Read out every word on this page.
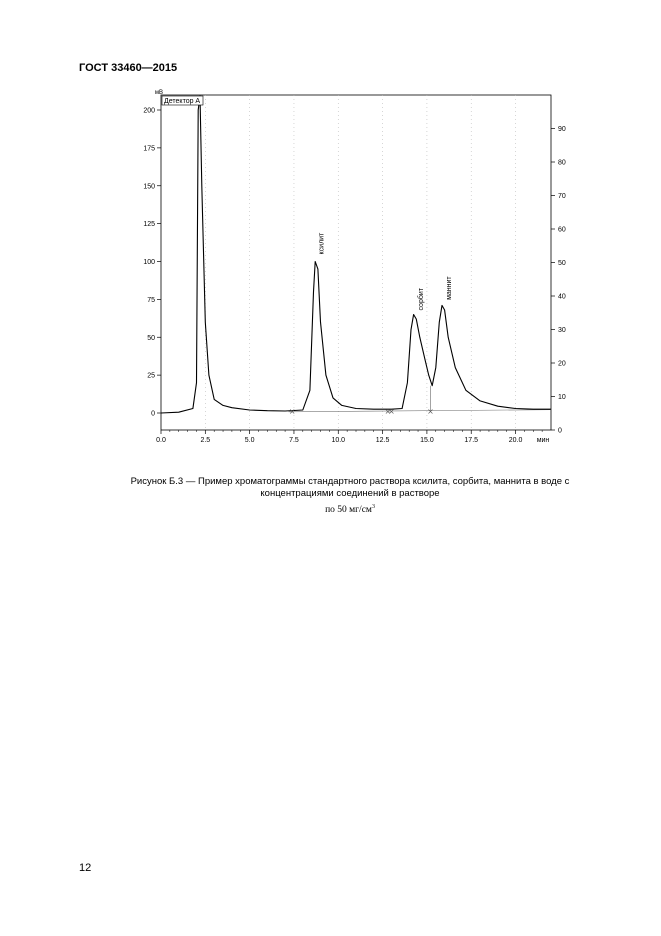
ГОСТ 33460—2015
0.0	2.5	5.0	7.5	10.0	12.5	15.0	17.5	20.0 мин
0
25
50
75
100
125
150
175
200
мВ
0
10
20
30
40
50
60
70
80
90
ксилит
сорбит	маннит
Детектор А
Рисунок Б.3 — Пример хроматограммы стандартного раствора ксилита, сорбита, маннита в воде с
концентрациями соединений в растворе
по 50 $мг/см^3$
12
